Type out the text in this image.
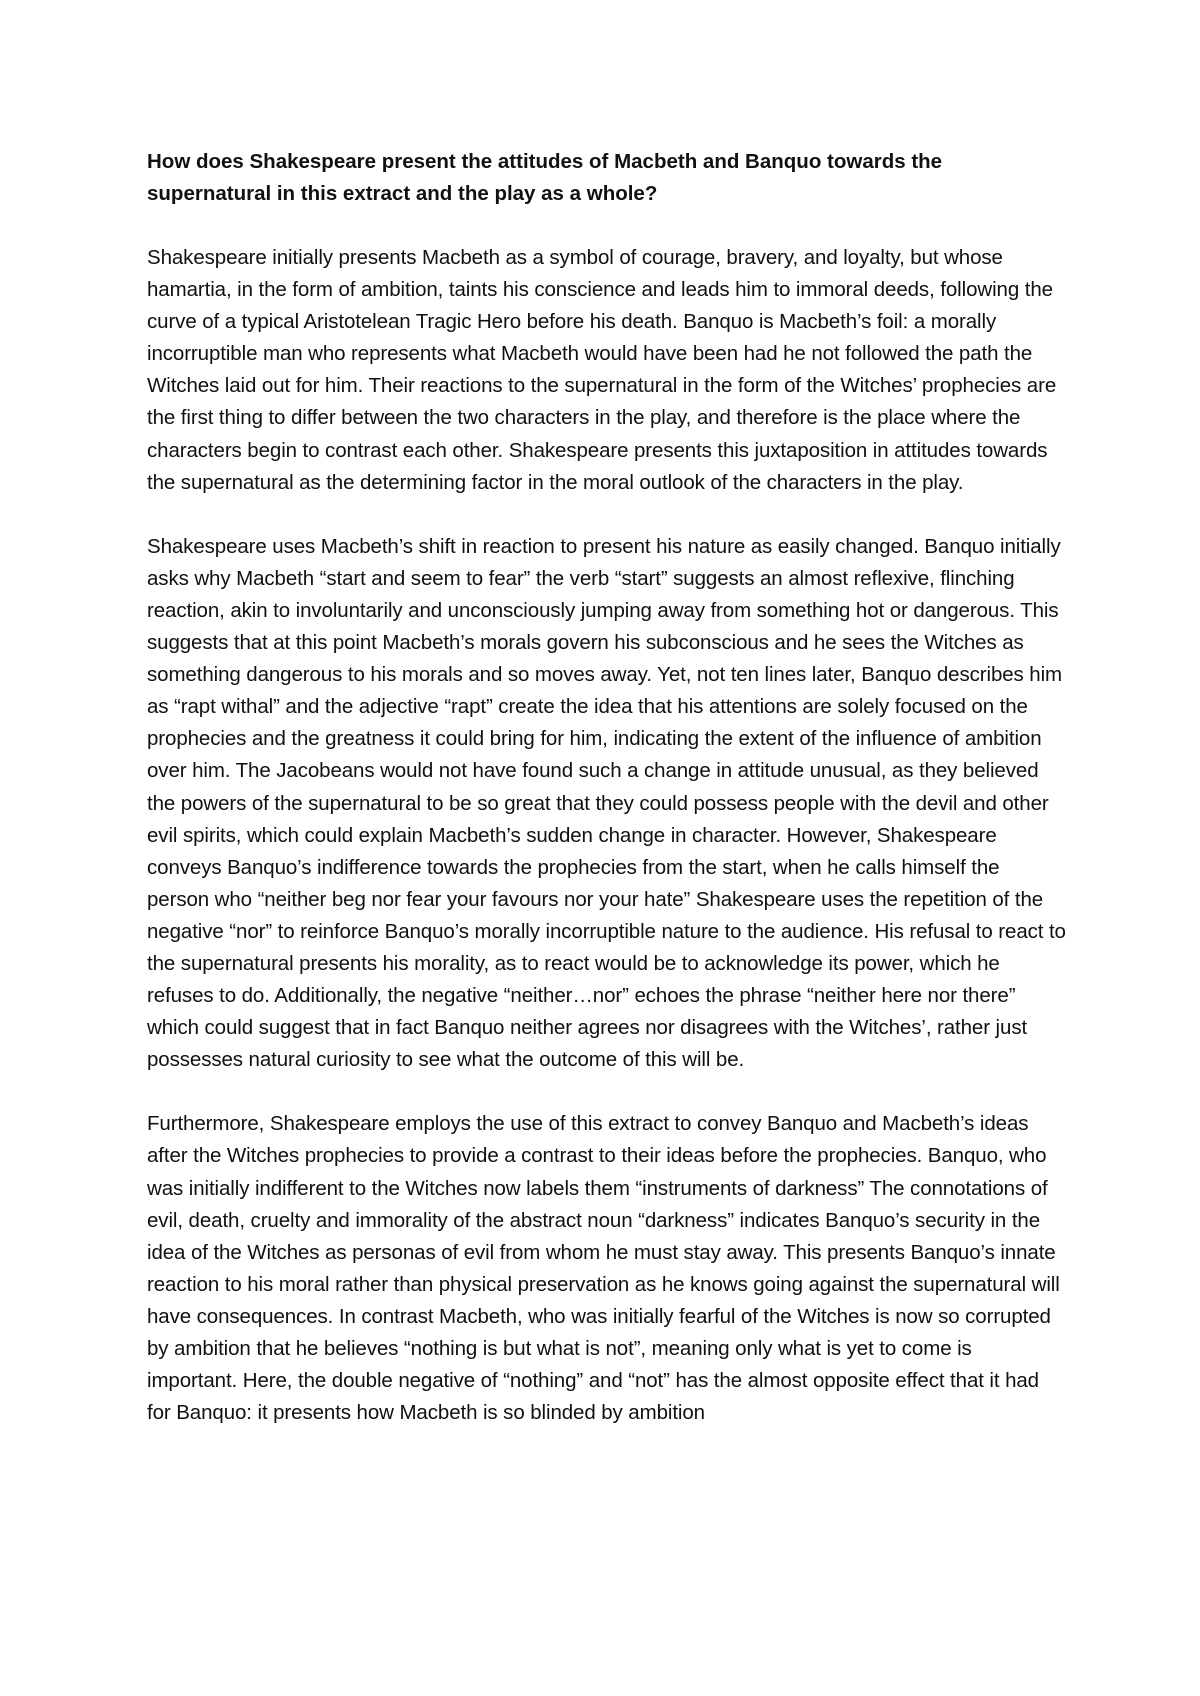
How does Shakespeare present the attitudes of Macbeth and Banquo towards the supernatural in this extract and the play as a whole?

Shakespeare initially presents Macbeth as a symbol of courage, bravery, and loyalty, but whose hamartia, in the form of ambition, taints his conscience and leads him to immoral deeds, following the curve of a typical Aristotelean Tragic Hero before his death. Banquo is Macbeth’s foil: a morally incorruptible man who represents what Macbeth would have been had he not followed the path the Witches laid out for him. Their reactions to the supernatural in the form of the Witches’ prophecies are the first thing to differ between the two characters in the play, and therefore is the place where the characters begin to contrast each other. Shakespeare presents this juxtaposition in attitudes towards the supernatural as the determining factor in the moral outlook of the characters in the play.

Shakespeare uses Macbeth’s shift in reaction to present his nature as easily changed. Banquo initially asks why Macbeth “start and seem to fear” the verb “start” suggests an almost reflexive, flinching reaction, akin to involuntarily and unconsciously jumping away from something hot or dangerous. This suggests that at this point Macbeth’s morals govern his subconscious and he sees the Witches as something dangerous to his morals and so moves away. Yet, not ten lines later, Banquo describes him as “rapt withal” and the adjective “rapt” create the idea that his attentions are solely focused on the prophecies and the greatness it could bring for him, indicating the extent of the influence of ambition over him. The Jacobeans would not have found such a change in attitude unusual, as they believed the powers of the supernatural to be so great that they could possess people with the devil and other evil spirits, which could explain Macbeth’s sudden change in character. However, Shakespeare conveys Banquo’s indifference towards the prophecies from the start, when he calls himself the person who “neither beg nor fear your favours nor your hate” Shakespeare uses the repetition of the negative “nor” to reinforce Banquo’s morally incorruptible nature to the audience. His refusal to react to the supernatural presents his morality, as to react would be to acknowledge its power, which he refuses to do. Additionally, the negative “neither…nor” echoes the phrase “neither here nor there” which could suggest that in fact Banquo neither agrees nor disagrees with the Witches’, rather just possesses natural curiosity to see what the outcome of this will be.

Furthermore, Shakespeare employs the use of this extract to convey Banquo and Macbeth’s ideas after the Witches prophecies to provide a contrast to their ideas before the prophecies. Banquo, who was initially indifferent to the Witches now labels them “instruments of darkness” The connotations of evil, death, cruelty and immorality of the abstract noun “darkness” indicates Banquo’s security in the idea of the Witches as personas of evil from whom he must stay away. This presents Banquo’s innate reaction to his moral rather than physical preservation as he knows going against the supernatural will have consequences. In contrast Macbeth, who was initially fearful of the Witches is now so corrupted by ambition that he believes “nothing is but what is not”, meaning only what is yet to come is important. Here, the double negative of “nothing” and “not” has the almost opposite effect that it had for Banquo: it presents how Macbeth is so blinded by ambition
